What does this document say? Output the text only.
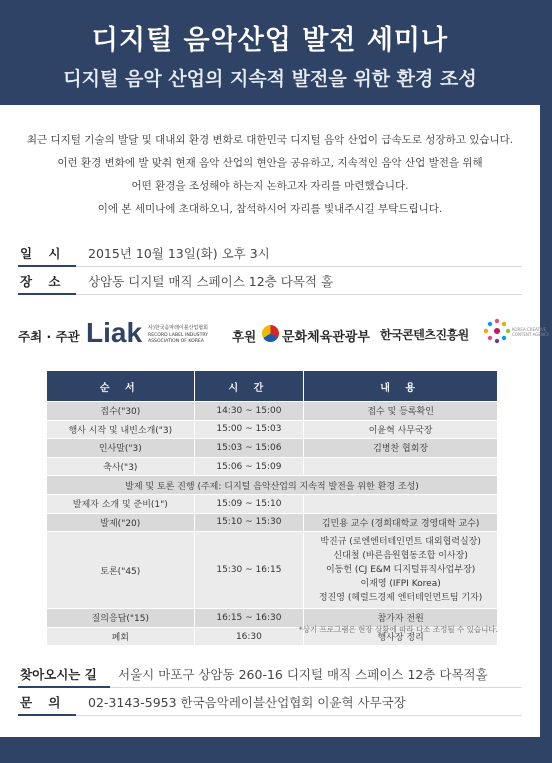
디지털 음악산업 발전 세미나
디지털 음악 산업의 지속적 발전을 위한 환경 조성
최근 디지털 기술의 발달 및 대내외 환경 변화로 대한민국 디지털 음악 산업이 급속도로 성장하고 있습니다.
이런 환경 변화에 발 맞춰 현재 음악 산업의 현안을 공유하고, 지속적인 음악 산업 발전을 위해
어떤 환경을 조성해야 하는지 논하고자 자리를 마련했습니다.
이에 본 세미나에 초대하오니, 참석하시어 자리를 빛내주시길 부탁드립니다.
일 시	2015년 10월 13일(화) 오후 3시
장 소	상암동 디지털 매직 스페이스 12층 다목적 홀
주최 · 주관 Liak 사)한국음악레이블산업협회
RECORD LABEL INDUSTRY
ASSOCIATION OF KOREA 후원 문화체육관광부 한국콘텐츠진흥원	KOREA CREATIVE CONTENT AGENCY
순 서	시 간	내 용
접수("30)	14:30 ~ 15:00	접수 및 등록확인
행사 시작 및 내빈소개("3)	15:00 ~ 15:03	이윤혁 사무국장
인사말("3)	15:03 ~ 15:06	김병찬 협회장
축사("3)	15:06 ~ 15:09	
발제 및 토론 진행 (주제: 디지털 음악산업의 지속적 발전을 위한 환경 조성)		
발제자 소개 및 준비(1")	15:09 ~ 15:10	
발제("20)	15:10 ~ 15:30	김민용 교수 (경희대학교 경영대학 교수)
토론("45)	15:30 ~ 16:15	박진규 (로엔엔터테인먼트 대외협력실장)
신대철 (바른음원협동조합 이사장)
이동헌 (CJ E&M 디지털뮤직사업부장)
이재영 (IFPI Korea)
정진영 (헤럴드경제 엔터테인먼트팀 기자)

질의응답("15)	16:15 ~ 16:30	참가자 전원
폐회	16:30	행사장 정리
*상기 프로그램은 현장 상황에 따라 다소 조정될 수 있습니다.
찾아오시는 길	서울시 마포구 상암동 260-16 디지털 매직 스페이스 12층 다목적홀
문 의	02-3143-5953 한국음악레이블산업협회 이윤혁 사무국장
